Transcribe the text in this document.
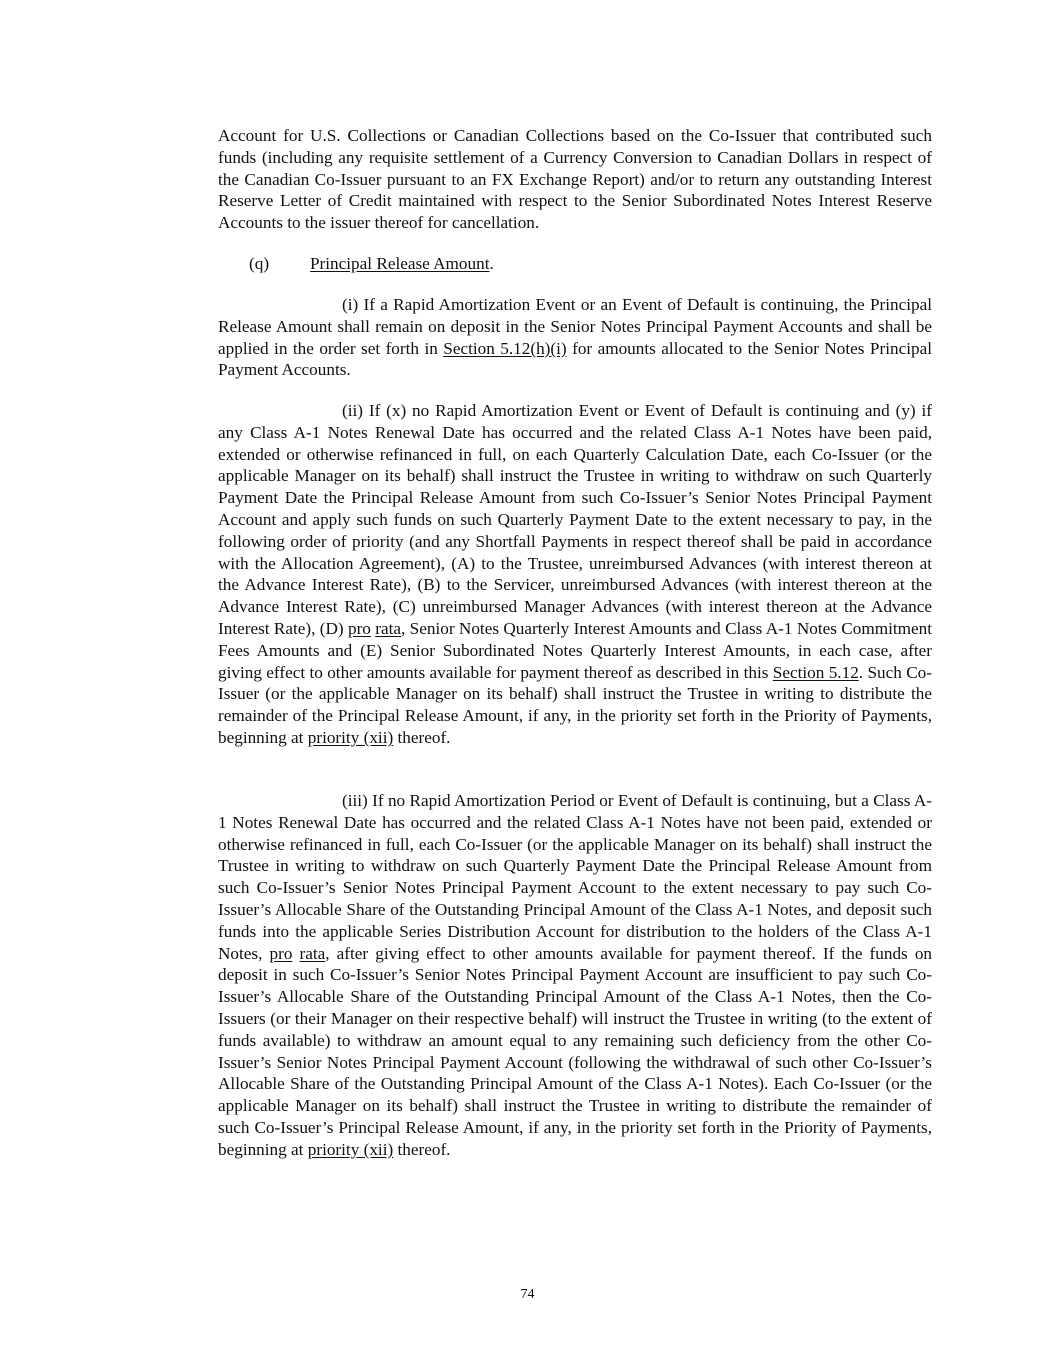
Account for U.S. Collections or Canadian Collections based on the Co-Issuer that contributed such funds (including any requisite settlement of a Currency Conversion to Canadian Dollars in respect of the Canadian Co-Issuer pursuant to an FX Exchange Report) and/or to return any outstanding Interest Reserve Letter of Credit maintained with respect to the Senior Subordinated Notes Interest Reserve Accounts to the issuer thereof for cancellation.

(q) Principal Release Amount.

(i) If a Rapid Amortization Event or an Event of Default is continuing, the Principal Release Amount shall remain on deposit in the Senior Notes Principal Payment Accounts and shall be applied in the order set forth in Section 5.12(h)(i) for amounts allocated to the Senior Notes Principal Payment Accounts.

(ii) If (x) no Rapid Amortization Event or Event of Default is continuing and (y) if any Class A-1 Notes Renewal Date has occurred and the related Class A-1 Notes have been paid, extended or otherwise refinanced in full, on each Quarterly Calculation Date, each Co-Issuer (or the applicable Manager on its behalf) shall instruct the Trustee in writing to withdraw on such Quarterly Payment Date the Principal Release Amount from such Co-Issuer’s Senior Notes Principal Payment Account and apply such funds on such Quarterly Payment Date to the extent necessary to pay, in the following order of priority (and any Shortfall Payments in respect thereof shall be paid in accordance with the Allocation Agreement), (A) to the Trustee, unreimbursed Advances (with interest thereon at the Advance Interest Rate), (B) to the Servicer, unreimbursed Advances (with interest thereon at the Advance Interest Rate), (C) unreimbursed Manager Advances (with interest thereon at the Advance Interest Rate), (D) pro rata, Senior Notes Quarterly Interest Amounts and Class A-1 Notes Commitment Fees Amounts and (E) Senior Subordinated Notes Quarterly Interest Amounts, in each case, after giving effect to other amounts available for payment thereof as described in this Section 5.12. Such Co-Issuer (or the applicable Manager on its behalf) shall instruct the Trustee in writing to distribute the remainder of the Principal Release Amount, if any, in the priority set forth in the Priority of Payments, beginning at priority (xii) thereof.

(iii) If no Rapid Amortization Period or Event of Default is continuing, but a Class A-1 Notes Renewal Date has occurred and the related Class A-1 Notes have not been paid, extended or otherwise refinanced in full, each Co-Issuer (or the applicable Manager on its behalf) shall instruct the Trustee in writing to withdraw on such Quarterly Payment Date the Principal Release Amount from such Co-Issuer’s Senior Notes Principal Payment Account to the extent necessary to pay such Co-Issuer’s Allocable Share of the Outstanding Principal Amount of the Class A-1 Notes, and deposit such funds into the applicable Series Distribution Account for distribution to the holders of the Class A-1 Notes, pro rata, after giving effect to other amounts available for payment thereof. If the funds on deposit in such Co-Issuer’s Senior Notes Principal Payment Account are insufficient to pay such Co-Issuer’s Allocable Share of the Outstanding Principal Amount of the Class A-1 Notes, then the Co-Issuers (or their Manager on their respective behalf) will instruct the Trustee in writing (to the extent of funds available) to withdraw an amount equal to any remaining such deficiency from the other Co-Issuer’s Senior Notes Principal Payment Account (following the withdrawal of such other Co-Issuer’s Allocable Share of the Outstanding Principal Amount of the Class A-1 Notes). Each Co-Issuer (or the applicable Manager on its behalf) shall instruct the Trustee in writing to distribute the remainder of such Co-Issuer’s Principal Release Amount, if any, in the priority set forth in the Priority of Payments, beginning at priority (xii) thereof.

74
